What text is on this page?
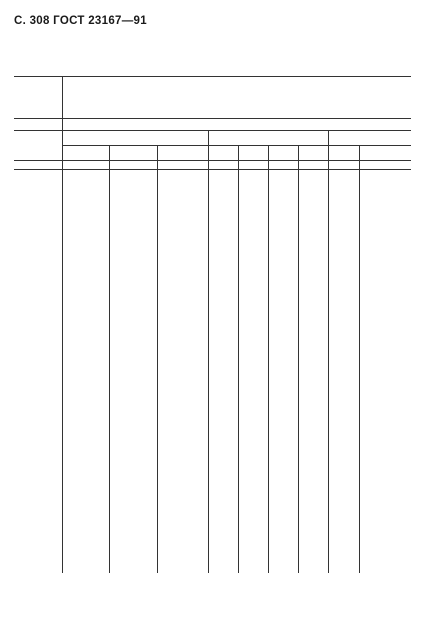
С. 308 ГОСТ 23167—91
